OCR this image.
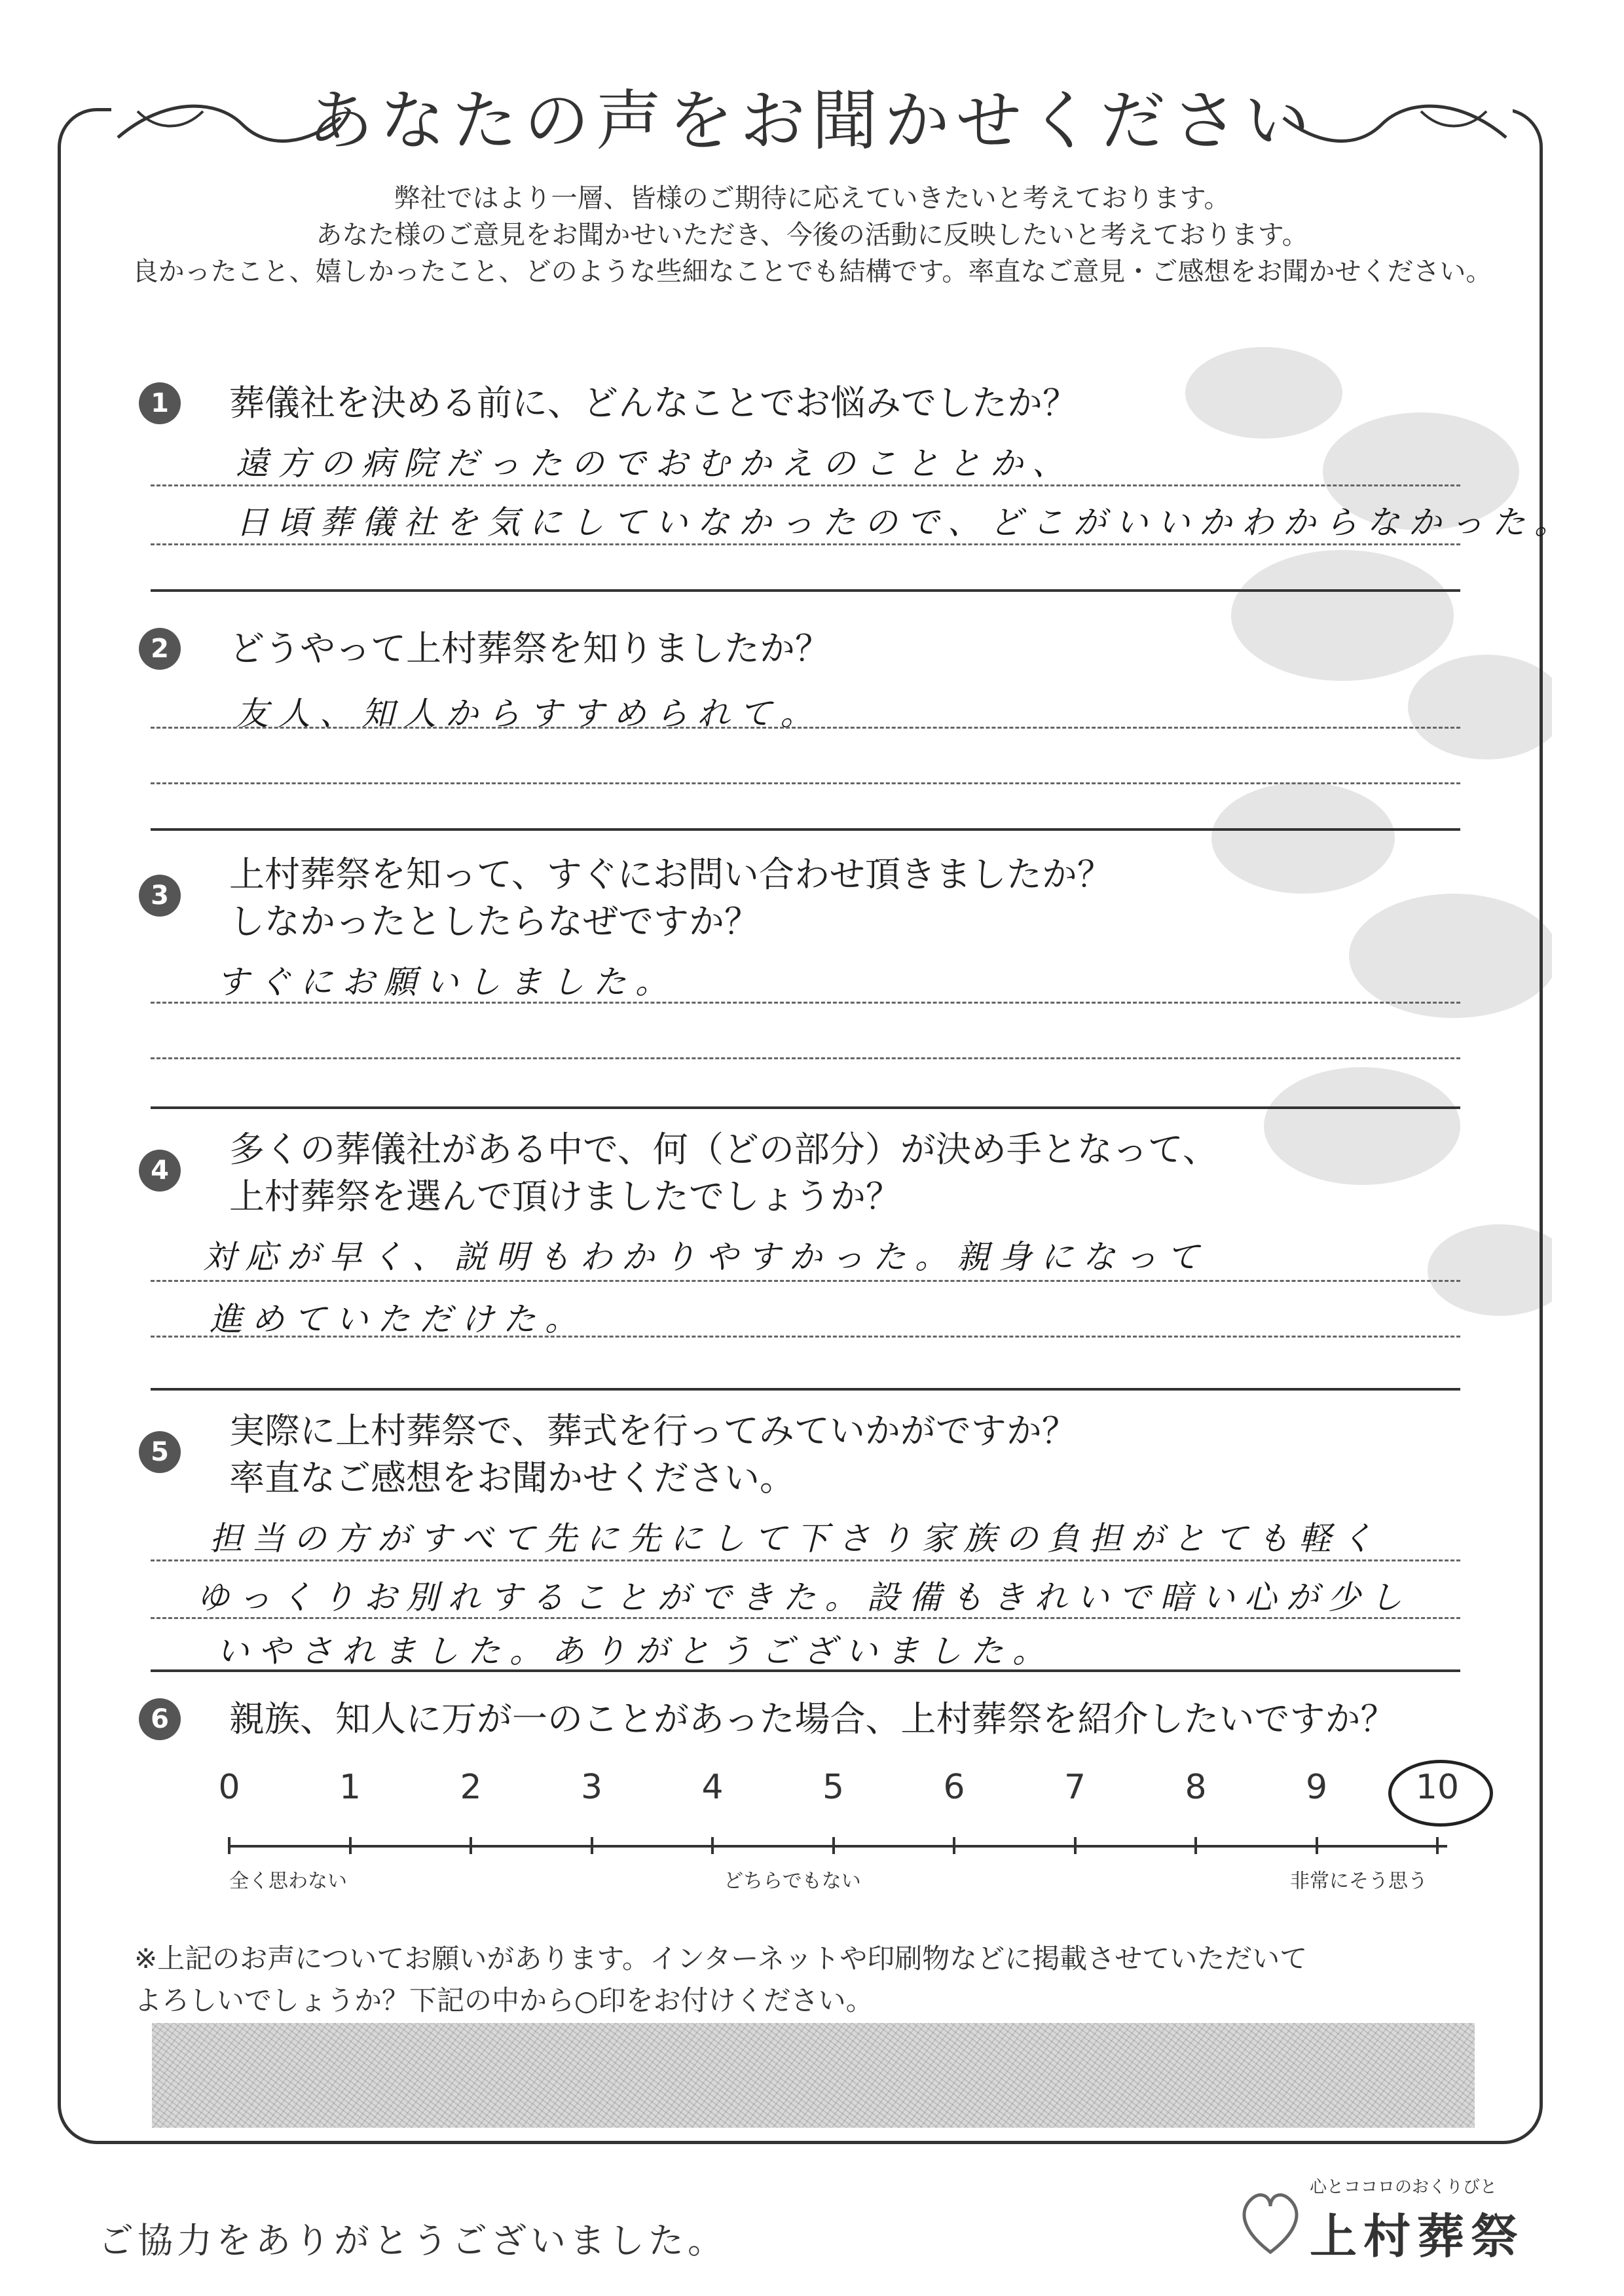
あなたの声をお聞かせください
弊社ではより一層、皆様のご期待に応えていきたいと考えております。
あなた様のご意見をお聞かせいただき、今後の活動に反映したいと考えております。
良かったこと、嬉しかったこと、どのような些細なことでも結構です。率直なご意見・ご感想をお聞かせください。
1	葬儀社を決める前に、どんなことでお悩みでしたか？
遠方の病院だったのでおむかえのこととか、
日頃葬儀社を気にしていなかったので、どこがいいかわからなかった。
2	どうやって上村葬祭を知りましたか？
友人、知人からすすめられて。
3
上村葬祭を知って、すぐにお問い合わせ頂きましたか？
しなかったとしたらなぜですか？
すぐにお願いしました。
4
多くの葬儀社がある中で、何（どの部分）が決め手となって、
上村葬祭を選んで頂けましたでしょうか？
対応が早く、説明もわかりやすかった。親身になって
進めていただけた。
5
実際に上村葬祭で、葬式を行ってみていかがですか？
率直なご感想をお聞かせください。
担当の方がすべて先に先にして下さり家族の負担がとても軽く
ゆっくりお別れすることができた。設備もきれいで暗い心が少し
いやされました。ありがとうございました。
6	親族、知人に万が一のことがあった場合、上村葬祭を紹介したいですか？
0	1	2	3	4	5	6	7	8	9	10
全く思わない	どちらでもない	非常にそう思う
※上記のお声についてお願いがあります。インターネットや印刷物などに掲載させていただいて
よろしいでしょうか？下記の中から○印をお付けください。
ご協力をありがとうございました。
心とココロのおくりびと
上村葬祭
